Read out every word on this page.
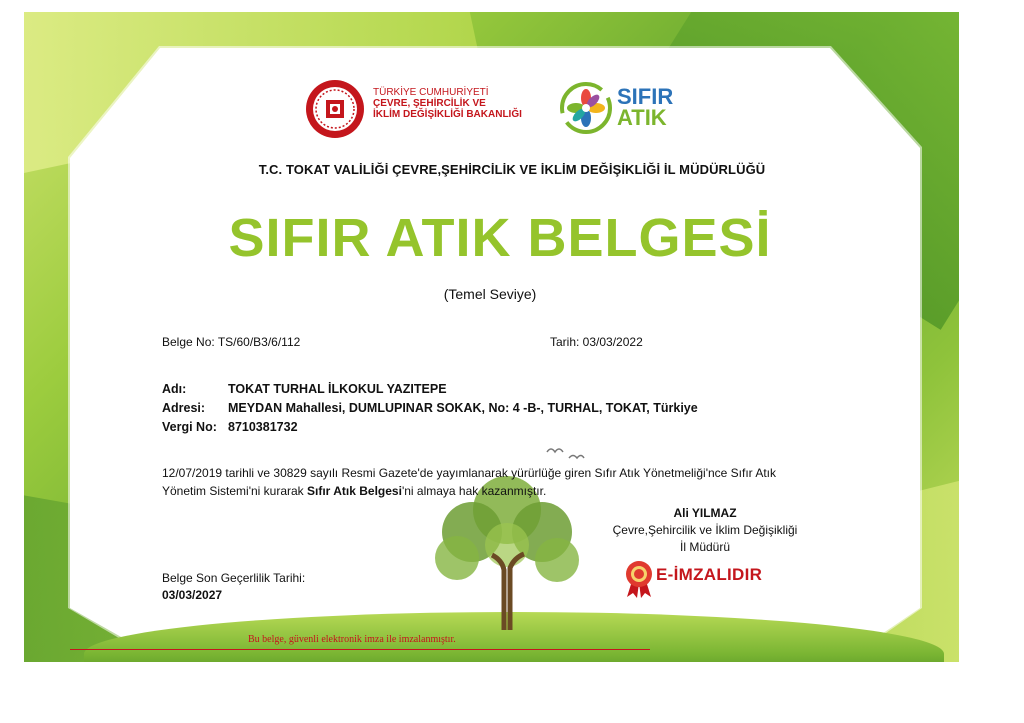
TÜRKİYE CUMHURİYETİ
ÇEVRE, ŞEHİRCİLİK VE
İKLİM DEĞİŞİKLİĞİ BAKANLIĞI
SIFIR
ATIK
T.C. TOKAT VALİLİĞİ ÇEVRE,ŞEHİRCİLİK VE İKLİM DEĞİŞİKLİĞİ İL MÜDÜRLÜĞÜ
SIFIR ATIK BELGESİ
(Temel Seviye)
Belge No: TS/60/B3/6/112	Tarih: 03/03/2022
Adı:	TOKAT TURHAL İLKOKUL YAZITEPE
Adresi: MEYDAN Mahallesi, DUMLUPINAR SOKAK, No: 4 -B-, TURHAL, TOKAT, Türkiye
Vergi No: 8710381732
12/07/2019 tarihli ve 30829 sayılı Resmi Gazete'de yayımlanarak yürürlüğe giren Sıfır Atık Yönetmeliği'nce Sıfır Atık Yönetim Sistemi'ni kurarak Sıfır Atık Belgesi'ni almaya hak kazanmıştır.
Ali YILMAZ
Çevre,Şehircilik ve İklim Değişikliği
İl Müdürü
E-İMZALIDIR
Belge Son Geçerlilik Tarihi:
03/03/2027
Bu belge, güvenli elektronik imza ile imzalanmıştır.
